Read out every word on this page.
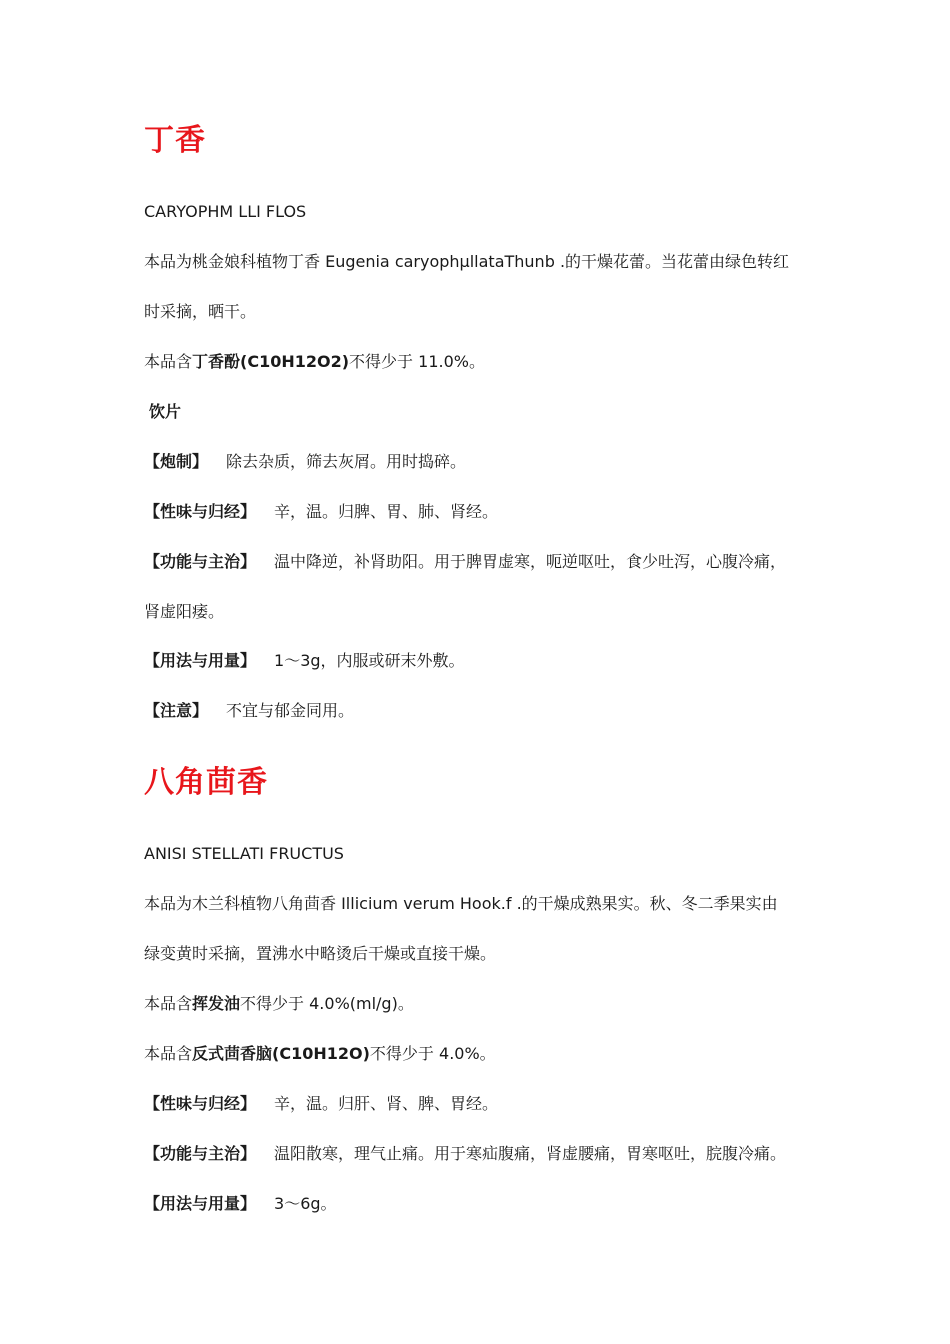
丁香
CARYOPHM LLI FLOS
本品为桃金娘科植物丁香 Eugenia caryophμllataThunb .的干燥花蕾。当花蕾由绿色转红
时采摘，晒干。
本品含丁香酚(C10H12O2)不得少于 11.0%。
饮片
【炮制】 除去杂质，筛去灰屑。用时捣碎。
【性味与归经】 辛，温。归脾、胃、肺、肾经。
【功能与主治】 温中降逆，补肾助阳。用于脾胃虚寒，呃逆呕吐，食少吐泻，心腹冷痛，
肾虚阳痿。
【用法与用量】 1～3g，内服或研末外敷。
【注意】 不宜与郁金同用。
八角茴香
ANISI STELLATI FRUCTUS
本品为木兰科植物八角茴香 Illicium verum Hook.f .的干燥成熟果实。秋、冬二季果实由
绿变黄时采摘，置沸水中略烫后干燥或直接干燥。
本品含挥发油不得少于 4.0%(ml/g)。
本品含反式茴香脑(C10H12O)不得少于 4.0%。
【性味与归经】 辛，温。归肝、肾、脾、胃经。
【功能与主治】 温阳散寒，理气止痛。用于寒疝腹痛，肾虚腰痛，胃寒呕吐，脘腹冷痛。
【用法与用量】 3～6g。
